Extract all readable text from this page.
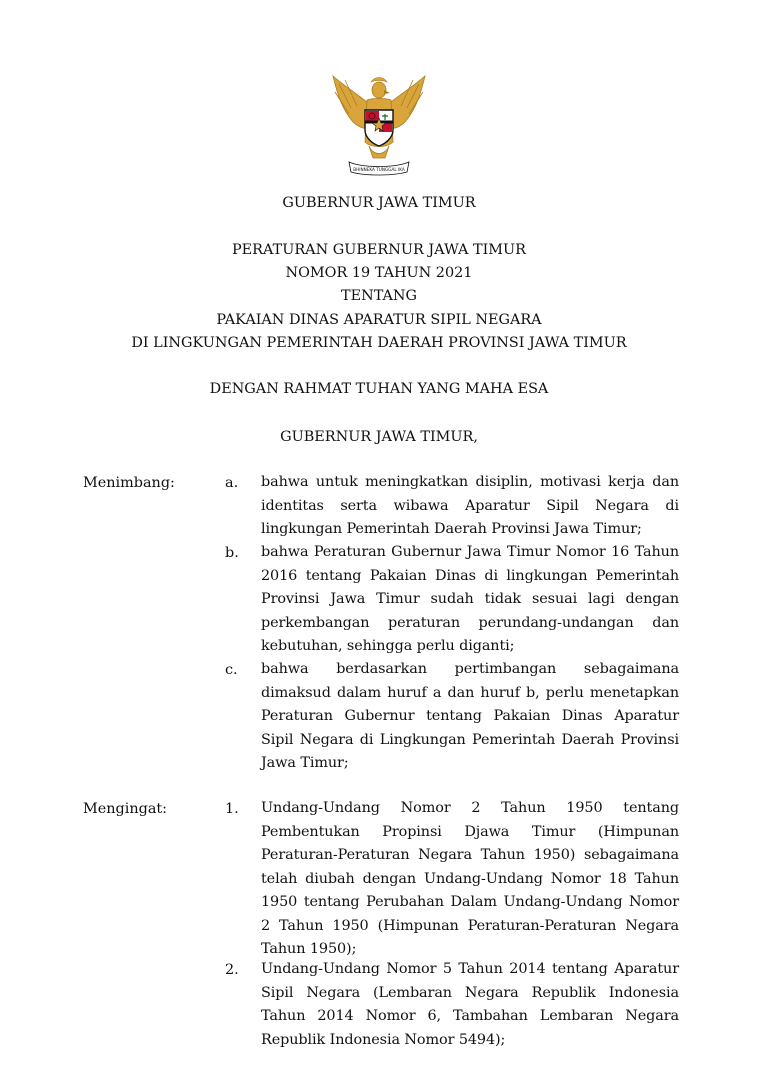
BHINNEKA TUNGGAL IKA
GUBERNUR JAWA TIMUR
PERATURAN GUBERNUR JAWA TIMUR
NOMOR 19 TAHUN 2021
TENTANG
PAKAIAN DINAS APARATUR SIPIL NEGARA
DI LINGKUNGAN PEMERINTAH DAERAH PROVINSI JAWA TIMUR
DENGAN RAHMAT TUHAN YANG MAHA ESA
GUBERNUR JAWA TIMUR,
Menimbang:	a. bahwa untuk meningkatkan disiplin, motivasi kerja dan identitas serta wibawa Aparatur Sipil Negara di lingkungan Pemerintah Daerah Provinsi Jawa Timur;
b. bahwa Peraturan Gubernur Jawa Timur Nomor 16 Tahun 2016 tentang Pakaian Dinas di lingkungan Pemerintah Provinsi Jawa Timur sudah tidak sesuai lagi dengan perkembangan peraturan perundang-undangan dan kebutuhan, sehingga perlu diganti;
c. bahwa berdasarkan pertimbangan sebagaimana dimaksud dalam huruf a dan huruf b, perlu menetapkan Peraturan Gubernur tentang Pakaian Dinas Aparatur Sipil Negara di Lingkungan Pemerintah Daerah Provinsi Jawa Timur;
Mengingat:	1. Undang-Undang Nomor 2 Tahun 1950 tentang Pembentukan Propinsi Djawa Timur (Himpunan Peraturan-Peraturan Negara Tahun 1950) sebagaimana telah diubah dengan Undang-Undang Nomor 18 Tahun 1950 tentang Perubahan Dalam Undang-Undang Nomor 2 Tahun 1950 (Himpunan Peraturan-Peraturan Negara Tahun 1950);
2. Undang-Undang Nomor 5 Tahun 2014 tentang Aparatur Sipil Negara (Lembaran Negara Republik Indonesia Tahun 2014 Nomor 6, Tambahan Lembaran Negara Republik Indonesia Nomor 5494);
